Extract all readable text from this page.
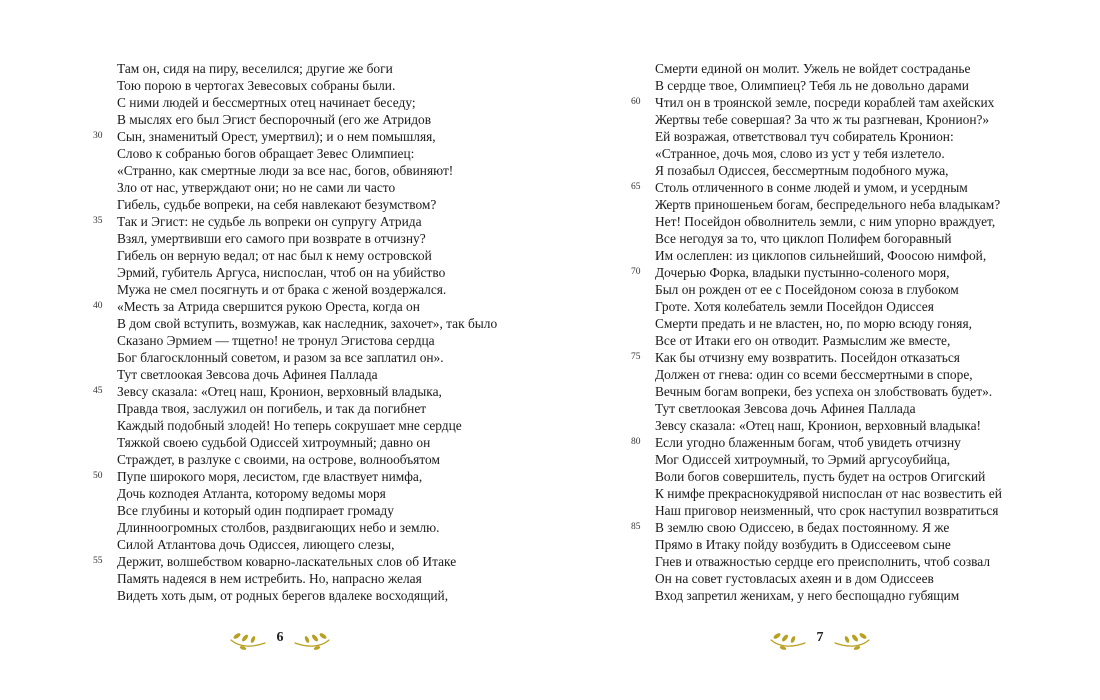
Там он, сидя на пиру, веселился; другие же боги
Тою порою в чертогах Зевесовых собраны были.
С ними людей и бессмертных отец начинает беседу;
В мыслях его был Эгист беспорочный (его же Атридов
30	Сын, знаменитый Орест, умертвил); и о нем помышляя,
Слово к собранью богов обращает Зевес Олимпиец:
«Странно, как смертные люди за все нас, богов, обвиняют!
Зло от нас, утверждают они; но не сами ли часто
Гибель, судьбе вопреки, на себя навлекают безумством?
35	Так и Эгист: не судьбе ль вопреки он супругу Атрида
Взял, умертвивши его самого при возврате в отчизну?
Гибель он верную ведал; от нас был к нему островской
Эрмий, губитель Аргуса, ниспослан, чтоб он на убийство
Мужа не смел посягнуть и от брака с женой воздержался.
40	«Месть за Атрида свершится рукою Ореста, когда он
В дом свой вступить, возмужав, как наследник, захочет», так было
Сказано Эрмием — тщетно! не тронул Эгистова сердца
Бог благосклонный советом, и разом за все заплатил он».
Тут светлоокая Зевсова дочь Афинея Паллада
45	Зевсу сказала: «Отец наш, Кронион, верховный владыка,
Правда твоя, заслужил он погибель, и так да погибнет
Каждый подобный злодей! Но теперь сокрушает мне сердце
Тяжкой своею судьбой Одиссей хитроумный; давно он
Страждет, в разлуке с своими, на острове, волнообъятом
50	Пупе широкого моря, лесистом, где властвует нимфа,
Дочь коznодея Атланта, которому ведомы моря
Все глубины и который один подпирает громаду
Длинноогромных столбов, раздвигающих небо и землю.
Силой Атлантова дочь Одиссея, лиющего слезы,
55	Держит, волшебством коварно-ласкательных слов об Итаке
Память надеяся в нем истребить. Но, напрасно желая
Видеть хоть дым, от родных берегов вдалеке восходящий,
6
Смерти единой он молит. Ужель не войдет состраданье
В сердце твое, Олимпиец? Тебя ль не довольно дарами
60	Чтил он в троянской земле, посреди кораблей там ахейских
Жертвы тебе совершая? За что ж ты разгневан, Кронион?»
Ей возражая, ответствовал туч собиратель Кронион:
«Странное, дочь моя, слово из уст у тебя излетело.
Я позабыл Одиссея, бессмертным подобного мужа,
65	Столь отличенного в сонме людей и умом, и усердным
Жертв приношеньем богам, беспредельного неба владыкам?
Нет! Посейдон обволнитель земли, с ним упорно враждует,
Все негодуя за то, что циклоп Полифем богоравный
Им ослеплен: из циклопов сильнейший, Фоосою нимфой,
70	Дочерью Форка, владыки пустынно-соленого моря,
Был он рожден от ее с Посейдоном союза в глубоком
Гроте. Хотя колебатель земли Посейдон Одиссея
Смерти предать и не властен, но, по морю всюду гоняя,
Все от Итаки его он отводит. Размыслим же вместе,
75	Как бы отчизну ему возвратить. Посейдон отказаться
Должен от гнева: один со всеми бессмертными в споре,
Вечным богам вопреки, без успеха он злобствовать будет».
Тут светлоокая Зевсова дочь Афинея Паллада
Зевсу сказала: «Отец наш, Кронион, верховный владыка!
80	Если угодно блаженным богам, чтоб увидеть отчизну
Мог Одиссей хитроумный, то Эрмий аргусоубийца,
Воли богов совершитель, пусть будет на остров Огигский
К нимфе прекраснокудрявой ниспослан от нас возвестить ей
Наш приговор неизменный, что срок наступил возвратиться
85	В землю свою Одиссею, в бедах постоянному. Я же
Прямо в Итаку пойду возбудить в Одиссеевом сыне
Гнев и отважностью сердце его преисполнить, чтоб созвал
Он на совет густовласых ахеян и в дом Одиссеев
Вход запретил женихам, у него беспощадно губящим
7
